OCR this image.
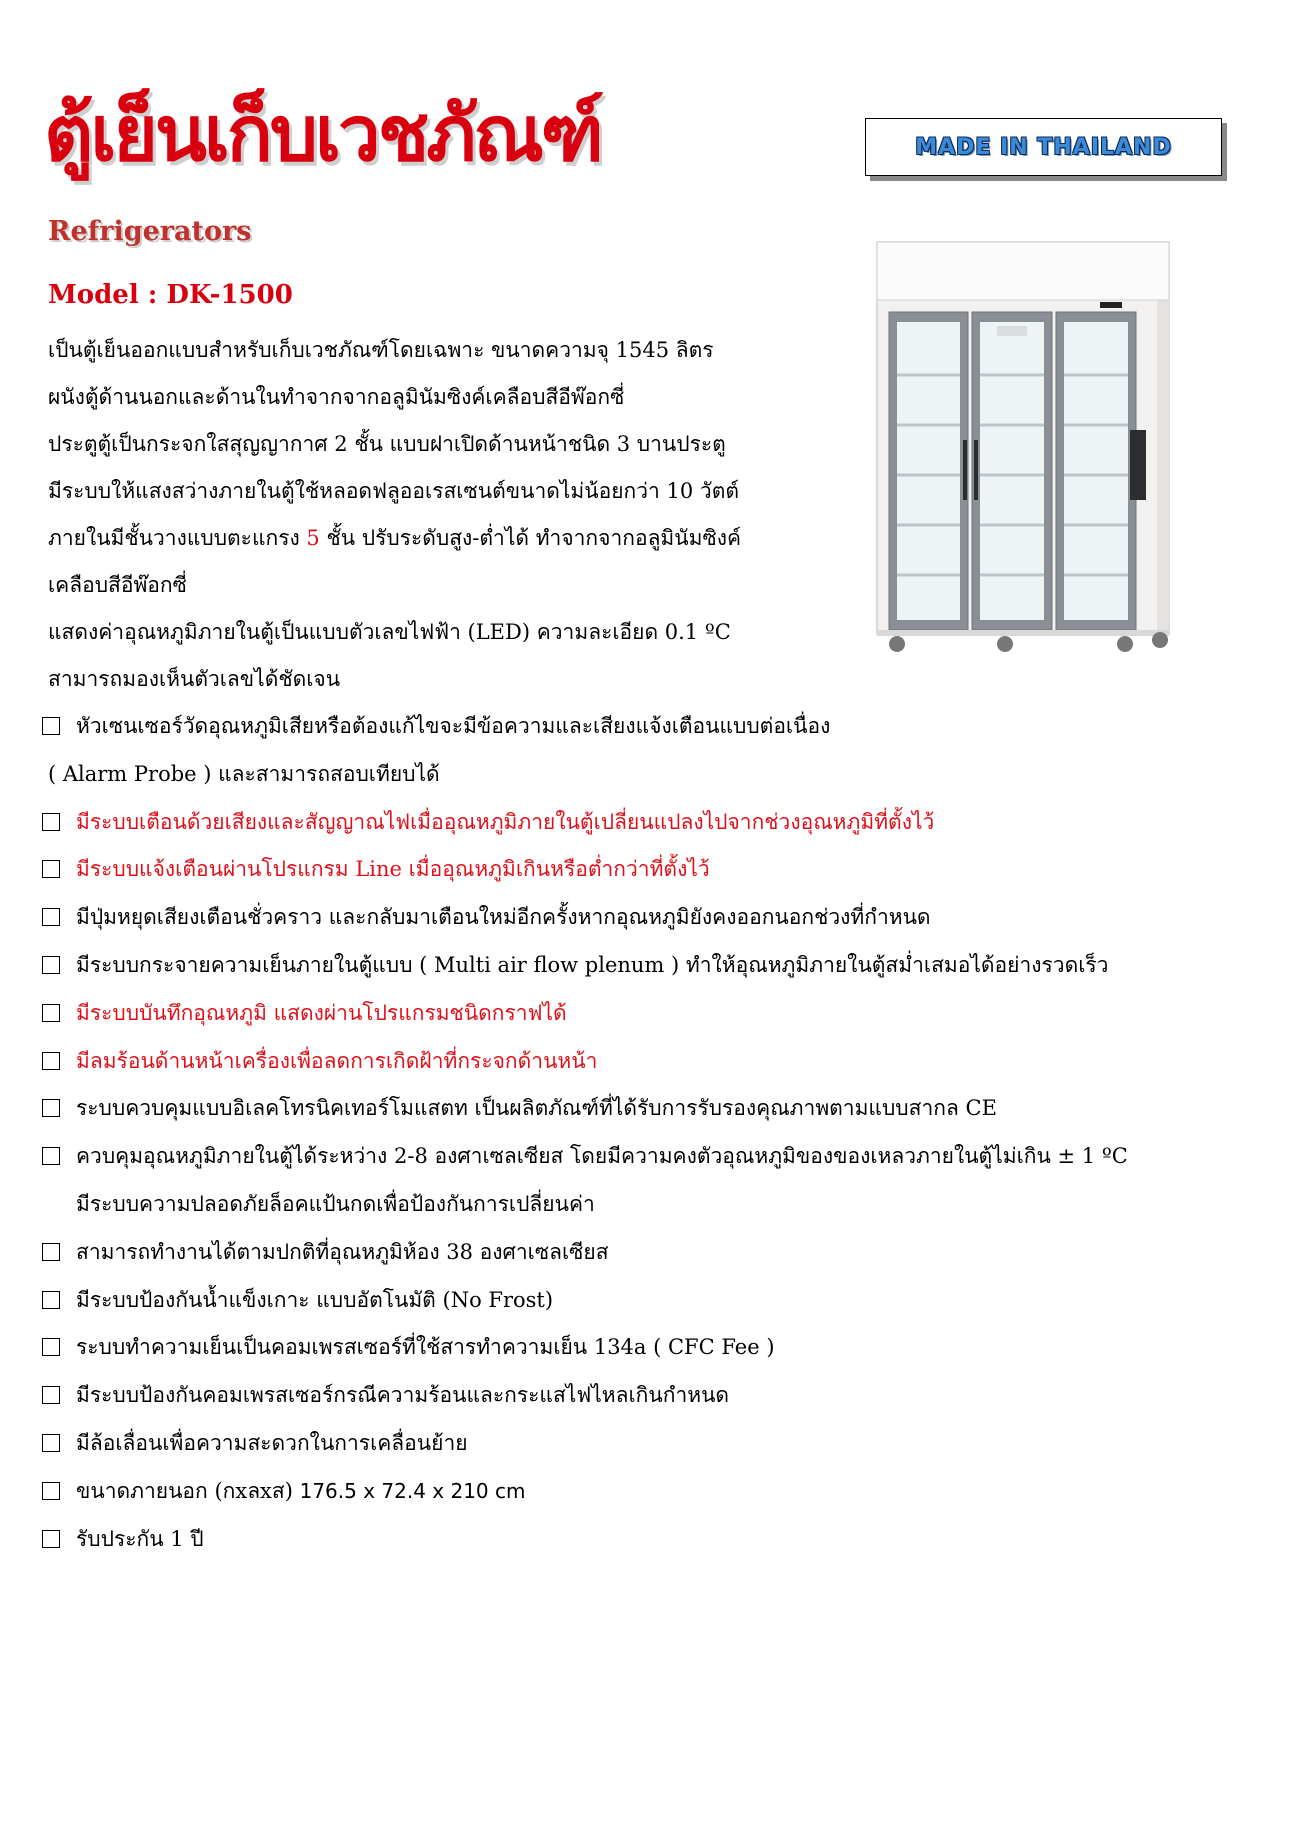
ตู้เย็นเก็บเวชภัณฑ์	MADE IN THAILAND
Refrigerators
Model : DK-1500
เป็นตู้เย็นออกแบบสำหรับเก็บเวชภัณฑ์โดยเฉพาะ ขนาดความจุ 1545 ลิตร
ผนังตู้ด้านนอกและด้านในทำจากจากอลูมินัมซิงค์เคลือบสีอีพ๊อกซี่
ประตูตู้เป็นกระจกใสสุญญากาศ 2 ชั้น แบบฝาเปิดด้านหน้าชนิด 3 บานประตู
มีระบบให้แสงสว่างภายในตู้ใช้หลอดฟลูออเรสเซนต์ขนาดไม่น้อยกว่า 10 วัตต์
ภายในมีชั้นวางแบบตะแกรง 5 ชั้น ปรับระดับสูง-ต่ำได้ ทำจากจากอลูมินัมซิงค์
เคลือบสีอีพ๊อกซี่
แสดงค่าอุณหภูมิภายในตู้เป็นแบบตัวเลขไฟฟ้า (LED) ความละเอียด 0.1 ºC
สามารถมองเห็นตัวเลขได้ชัดเจน
หัวเซนเซอร์วัดอุณหภูมิเสียหรือต้องแก้ไขจะมีข้อความและเสียงแจ้งเตือนแบบต่อเนื่อง
( Alarm Probe ) และสามารถสอบเทียบได้
มีระบบเตือนด้วยเสียงและสัญญาณไฟเมื่ออุณหภูมิภายในตู้เปลี่ยนแปลงไปจากช่วงอุณหภูมิที่ตั้งไว้
มีระบบแจ้งเตือนผ่านโปรแกรม Line เมื่ออุณหภูมิเกินหรือต่ำกว่าที่ตั้งไว้
มีปุ่มหยุดเสียงเตือนชั่วคราว และกลับมาเตือนใหม่อีกครั้งหากอุณหภูมิยังคงออกนอกช่วงที่กำหนด
มีระบบกระจายความเย็นภายในตู้แบบ ( Multi air flow plenum ) ทำให้อุณหภูมิภายในตู้สม่ำเสมอได้อย่างรวดเร็ว
มีระบบบันทึกอุณหภูมิ แสดงผ่านโปรแกรมชนิดกราฟได้
มีลมร้อนด้านหน้าเครื่องเพื่อลดการเกิดฝ้าที่กระจกด้านหน้า
ระบบควบคุมแบบอิเลคโทรนิคเทอร์โมแสตท เป็นผลิตภัณฑ์ที่ได้รับการรับรองคุณภาพตามแบบสากล CE
ควบคุมอุณหภูมิภายในตู้ได้ระหว่าง 2-8 องศาเซลเซียส โดยมีความคงตัวอุณหภูมิของของเหลวภายในตู้ไม่เกิน ± 1 ºC
มีระบบความปลอดภัยล็อคแป้นกดเพื่อป้องกันการเปลี่ยนค่า
สามารถทำงานได้ตามปกติที่อุณหภูมิห้อง 38 องศาเซลเซียส
มีระบบป้องกันน้ำแข็งเกาะ แบบอัตโนมัติ (No Frost)
ระบบทำความเย็นเป็นคอมเพรสเซอร์ที่ใช้สารทำความเย็น 134a ( CFC Fee )
มีระบบป้องกันคอมเพรสเซอร์กรณีความร้อนและกระแสไฟไหลเกินกำหนด
มีล้อเลื่อนเพื่อความสะดวกในการเคลื่อนย้าย
ขนาดภายนอก (กxลxส) 176.5 x 72.4 x 210 cm
รับประกัน 1 ปี
